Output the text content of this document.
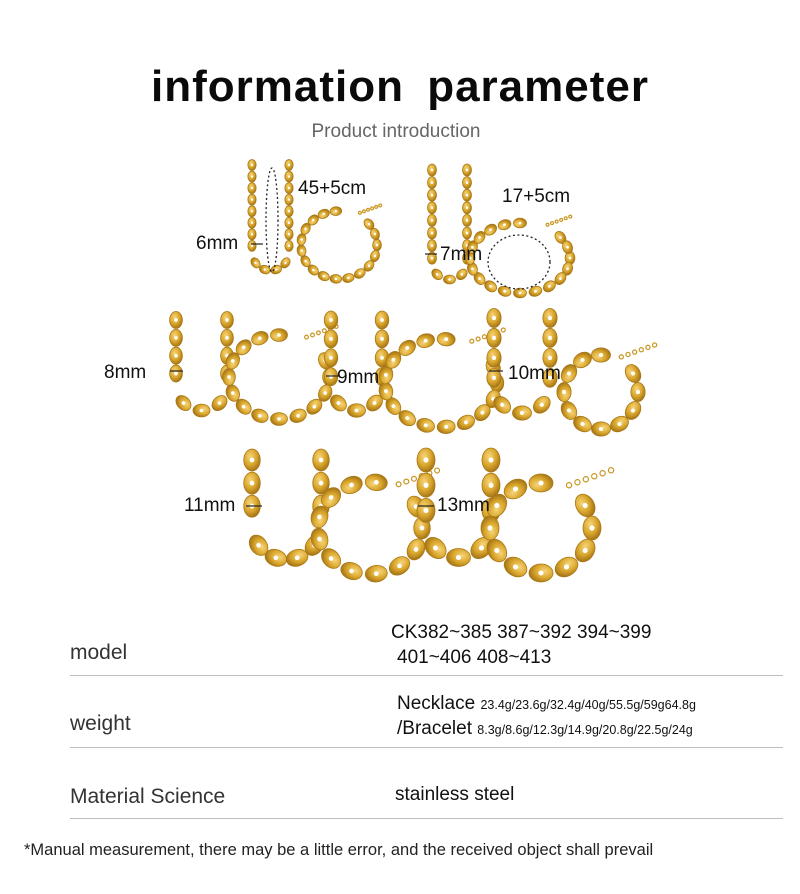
information parameter
Product introduction
6mm
45+5cm	17+5cm
7mm
8mm	9mm	10mm
11mm	13mm
model
CK382~385 387~392 394~399
401~406 408~413
weight
Necklace 23.4g/23.6g/32.4g/40g/55.5g/59g64.8g
/Bracelet 8.3g/8.6g/12.3g/14.9g/20.8g/22.5g/24g
Material Science	stainless steel
*Manual measurement, there may be a little error, and the received object shall prevail
